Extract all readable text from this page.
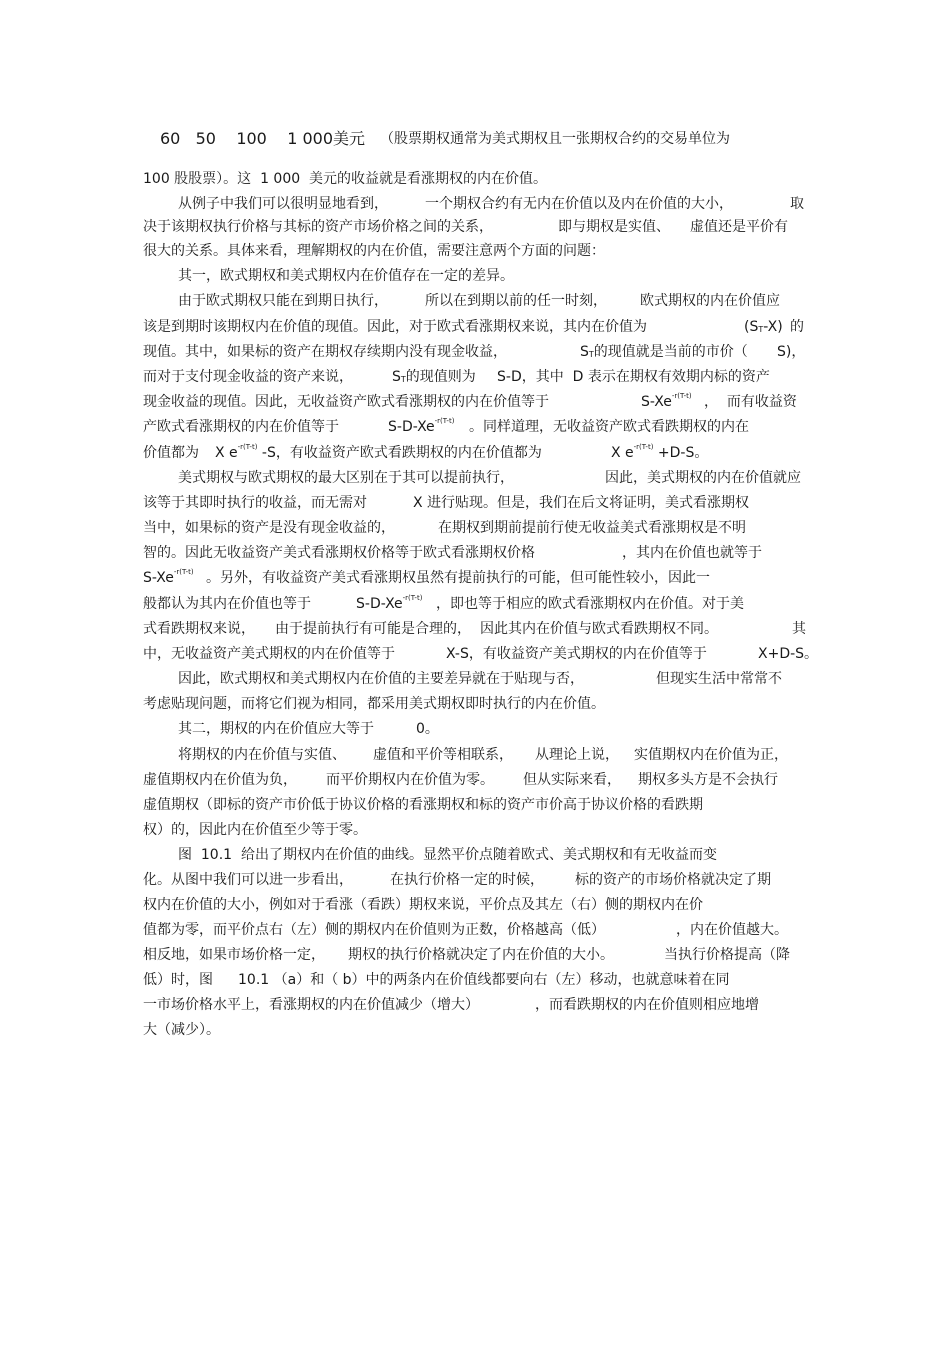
60   50    100    1 000美元

（股票期权通常为美式期权且一张期权合约的交易单位为

100 股股票）。这  1 000  美元的收益就是看涨期权的内在价值。

从例子中我们可以很明显地看到，

	一个期权合约有无内在价值以及内在价值的大小，

	取

决于该期权执行价格与其标的资产市场价格之间的关系，

	即与期权是实值、

虚值还是平价有

很大的关系。具体来看，理解期权的内在价值，需要注意两个方面的问题：

其一，欧式期权和美式期权内在价值存在一定的差异。

由于欧式期权只能在到期日执行，

	所以在到期以前的任一时刻，

欧式期权的内在价值应

该是到期时该期权内在价值的现值。因此，对于欧式看涨期权来说，其内在价值为

	$(S_T-X)$

的

现值。其中，如果标的资产在期权存续期内没有现金收益，

	$S_T$的现值就是当前的市价（

S)，

而对于支付现金收益的资产来说，

	$S_T$的现值则为

S-D，其中  D 表示在期权有效期内标的资产

现金收益的现值。因此，无收益资产欧式看涨期权的内在价值等于

	$S-Xe^{-r(T-t)}$

，  而有收益资

产欧式看涨期权的内在价值等于

	$S-D-Xe^{-r(T-t)}$

。同样道理，无收益资产欧式看跌期权的内在

价值都为

X $e^{-r(T-t)}$ -S，有收益资产欧式看跌期权的内在价值都为

	X $e^{-r(T-t)} +D-S$。

美式期权与欧式期权的最大区别在于其可以提前执行，

	因此，美式期权的内在价值就应

该等于其即时执行的收益，而无需对

	X 进行贴现。但是，我们在后文将证明，美式看涨期权

当中，如果标的资产是没有现金收益的，

	在期权到期前提前行使无收益美式看涨期权是不明

智的。因此无收益资产美式看涨期权价格等于欧式看涨期权价格

	，其内在价值也就等于

$S-Xe^{-r(T-t)}$

。另外，有收益资产美式看涨期权虽然有提前执行的可能，但可能性较小，因此一

般都认为其内在价值也等于

	$S-D-Xe^{-r(T-t)}$

，即也等于相应的欧式看涨期权内在价值。对于美

式看跌期权来说，

由于提前执行有可能是合理的，

因此其内在价值与欧式看跌期权不同。

	其

中，无收益资产美式期权的内在价值等于

	X-S，有收益资产美式期权的内在价值等于

	X+D-S。

因此，欧式期权和美式期权内在价值的主要差异就在于贴现与否，

	但现实生活中常常不

考虑贴现问题，而将它们视为相同，都采用美式期权即时执行的内在价值。

其二，期权的内在价值应大等于

	0。

将期权的内在价值与实值、

虚值和平价等相联系，

从理论上说，

实值期权内在价值为正，

虚值期权内在价值为负，

而平价期权内在价值为零。

但从实际来看，

期权多头方是不会执行

虚值期权（即标的资产市价低于协议价格的看涨期权和标的资产市价高于协议价格的看跌期

权）的，因此内在价值至少等于零。

图  10.1  给出了期权内在价值的曲线。显然平价点随着欧式、美式期权和有无收益而变

化。从图中我们可以进一步看出，

	在执行价格一定的时候，

标的资产的市场价格就决定了期

权内在价值的大小，例如对于看涨（看跌）期权来说，平价点及其左（右）侧的期权内在价

值都为零，而平价点右（左）侧的期权内在价值则为正数，价格越高（低）

	，内在价值越大。

相反地，如果市场价格一定，

期权的执行价格就决定了内在价值的大小。

	当执行价格提高（降

低）时，图

10.1 （a）和（ b）中的两条内在价值线都要向右（左）移动，也就意味着在同

一市场价格水平上，看涨期权的内在价值减少（增大）

	，而看跌期权的内在价值则相应地增

大（减少）。
